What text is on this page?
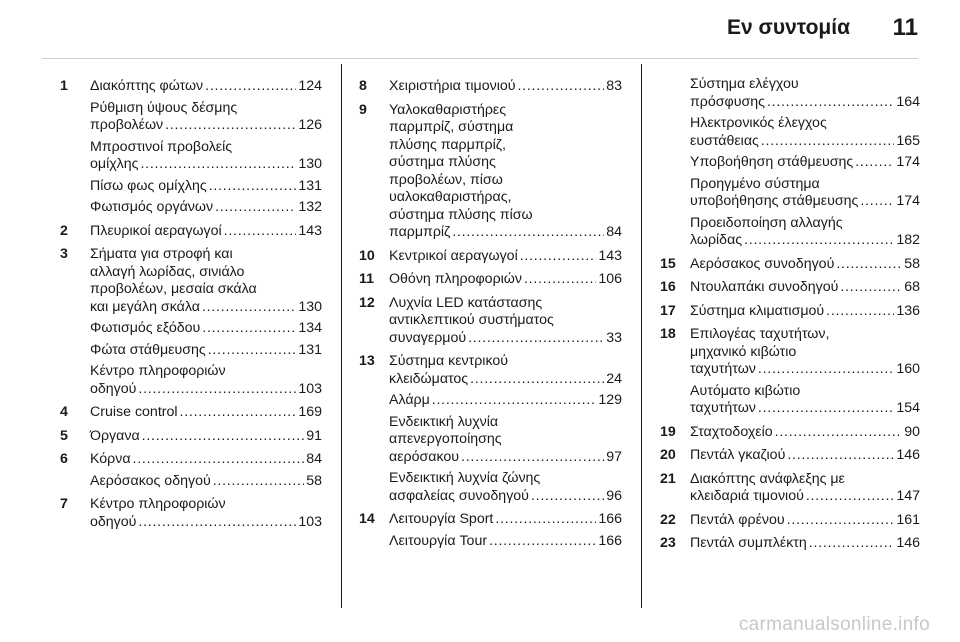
Εν συντομία 11
1	Διακόπτης φώτων . . .	124
Ρύθμιση ύψους δέσμης
προβολέων . . .	126
Μπροστινοί προβολείς
ομίχλης . . .	130
Πίσω φως ομίχλης . . .	131
Φωτισμός οργάνων . . .	132
2	Πλευρικοί αεραγωγοί . . .	143
3	Σήματα για στροφή και
αλλαγή λωρίδας, σινιάλο
προβολέων, μεσαία σκάλα
και μεγάλη σκάλα . . .	130
Φωτισμός εξόδου . . .	134
Φώτα στάθμευσης . . .	131
Κέντρο πληροφοριών
οδηγού . . .	103
4	Cruise control . . .	169
5	Όργανα . . .	91
6	Κόρνα . . .	84
Αερόσακος οδηγού . . .	58
7	Κέντρο πληροφοριών
οδηγού . . .	103
8	Χειριστήρια τιμονιού . . .	83
9	Υαλοκαθαριστήρες
παρμπρίζ, σύστημα
πλύσης παρμπρίζ,
σύστημα πλύσης
προβολέων, πίσω
υαλοκαθαριστήρας,
σύστημα πλύσης πίσω
παρμπρίζ . . .	84
10	Κεντρικοί αεραγωγοί . . .	143
11	Οθόνη πληροφοριών . . .	106
12	Λυχνία LED κατάστασης
αντικλεπτικού συστήματος
συναγερμού . . .	33
13	Σύστημα κεντρικού
κλειδώματος . . .	24
Αλάρμ . . .	129
Ενδεικτική λυχνία
απενεργοποίησης
αερόσακου . . .	97
Ενδεικτική λυχνία ζώνης
ασφαλείας συνοδηγού . . .	96
14	Λειτουργία Sport . . .	166
Λειτουργία Tour . . .	166
Σύστημα ελέγχου
πρόσφυσης . . .	164
Ηλεκτρονικός έλεγχος
ευστάθειας . . .	165
Υποβοήθηση στάθμευσης . . .	174
Προηγμένο σύστημα
υποβοήθησης στάθμευσης . . .	174
Προειδοποίηση αλλαγής
λωρίδας . . .	182
15	Αερόσακος συνοδηγού . . .	58
16	Ντουλαπάκι συνοδηγού . . .	68
17	Σύστημα κλιματισμού . . .	136
18	Επιλογέας ταχυτήτων,
μηχανικό κιβώτιο
ταχυτήτων . . .	160
Αυτόματο κιβώτιο
ταχυτήτων . . .	154
19	Σταχτοδοχείο . . .	90
20	Πεντάλ γκαζιού . . .	146
21	Διακόπτης ανάφλεξης με
κλειδαριά τιμονιού . . .	147
22	Πεντάλ φρένου . . .	161
23	Πεντάλ συμπλέκτη . . .	146
carmanualsonline.info
